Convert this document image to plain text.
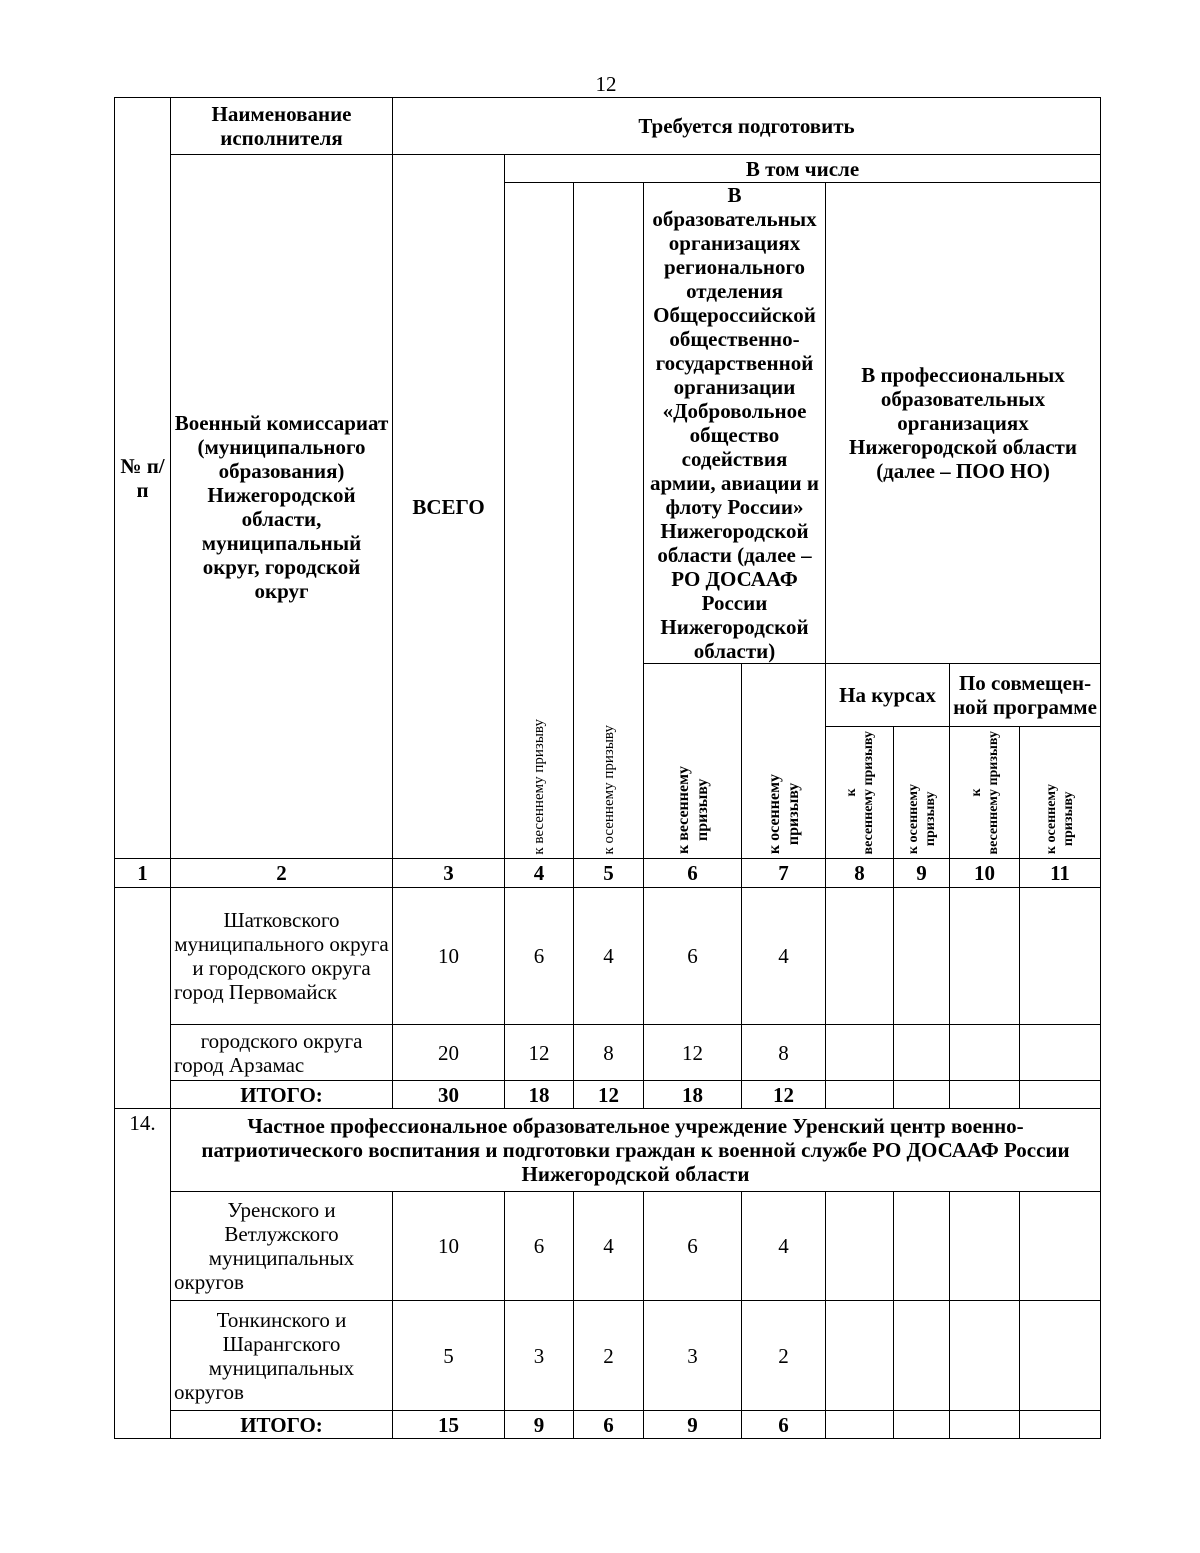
12
№ п/п	Наименование исполнителя	Требуется подготовить								
	Военный комиссариат (муниципального образования) Нижегородской области, муниципальный округ, городской округ	ВСЕГО	В том числе							

			к весеннему призыву	к осеннему призыву	В образовательных организациях регионального отделения Общероссийской общественно-государственной организации «Добровольное общество содействия армии, авиации и флоту России» Нижегородской области (далее – РО ДОСААФ России Нижегородской области)		В профессиональных образовательных организациях Нижегородской области (далее – ПОО НО)			

					к весеннему призыву	к осеннему призыву	На курсах		По совмещен-ной программе	

							к весеннему призыву	к осеннему призыву	к весеннему призыву	к осеннему призыву

1	2	3	4	5	6	7	8	9	10	11
	Шатковского муниципального округа и городского округа город Первомайск	10	6	4	6	4				
	городского округа город Арзамас	20	12	8	12	8				
	ИТОГО:	30	18	12	18	12				
14.	Частное профессиональное образовательное учреждение Уренский центр военно-патриотического воспитания и подготовки граждан к военной службе РО ДОСААФ России Нижегородской области									
	Уренского и Ветлужского муниципальных округов	10	6	4	6	4				
	Тонкинского и Шарангского муниципальных округов	5	3	2	3	2				
	ИТОГО:	15	9	6	9	6				
